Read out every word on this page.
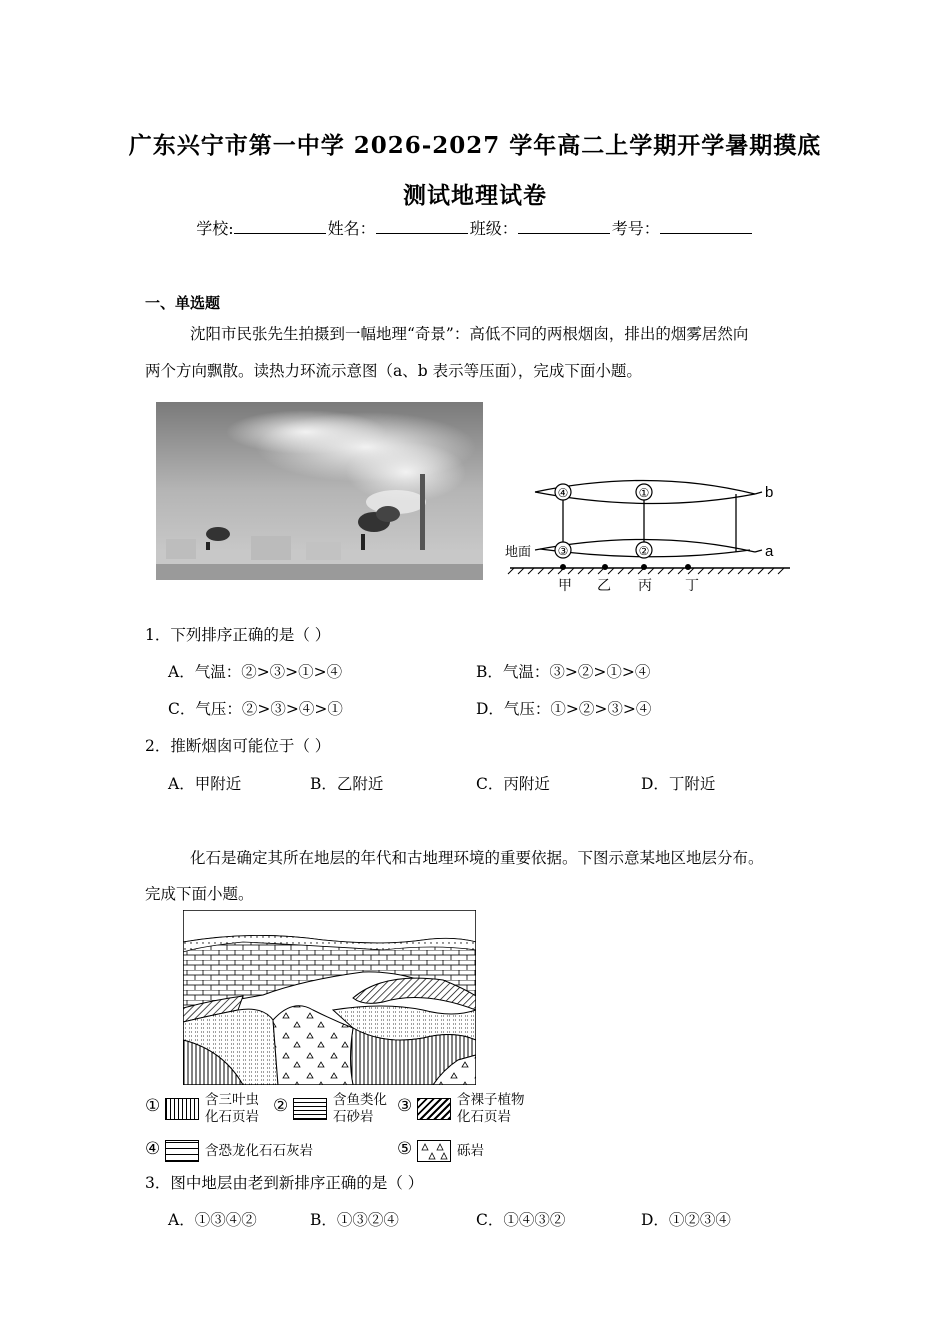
广东兴宁市第一中学 2026-2027 学年高二上学期开学暑期摸底
测试地理试卷
学校:	姓名：	班级：	考号：
一、单选题
沈阳市民张先生拍摄到一幅地理“奇景”：高低不同的两根烟囱，排出的烟雾居然向
两个方向飘散。读热力环流示意图（a、b 表示等压面），完成下面小题。
④	①
③	②
b
a
地面
甲 乙 丙 丁
1．下列排序正确的是（ ）
A．气温：②>③>①>④	B．气温：③>②>①>④
C．气压：②>③>④>①	D．气压：①>②>③>④
2．推断烟囱可能位于（ ）
A．甲附近	B．乙附近	C．丙附近	D．丁附近
化石是确定其所在地层的年代和古地理环境的重要依据。下图示意某地区地层分布。
完成下面小题。
①	含三叶虫
化石页岩
②	含鱼类化
石砂岩
③	含裸子植物
化石页岩
④	含恐龙化石石灰岩	⑤	砾岩
3．图中地层由老到新排序正确的是（ ）
A．①③④②	B．①③②④	C．①④③②	D．①②③④
